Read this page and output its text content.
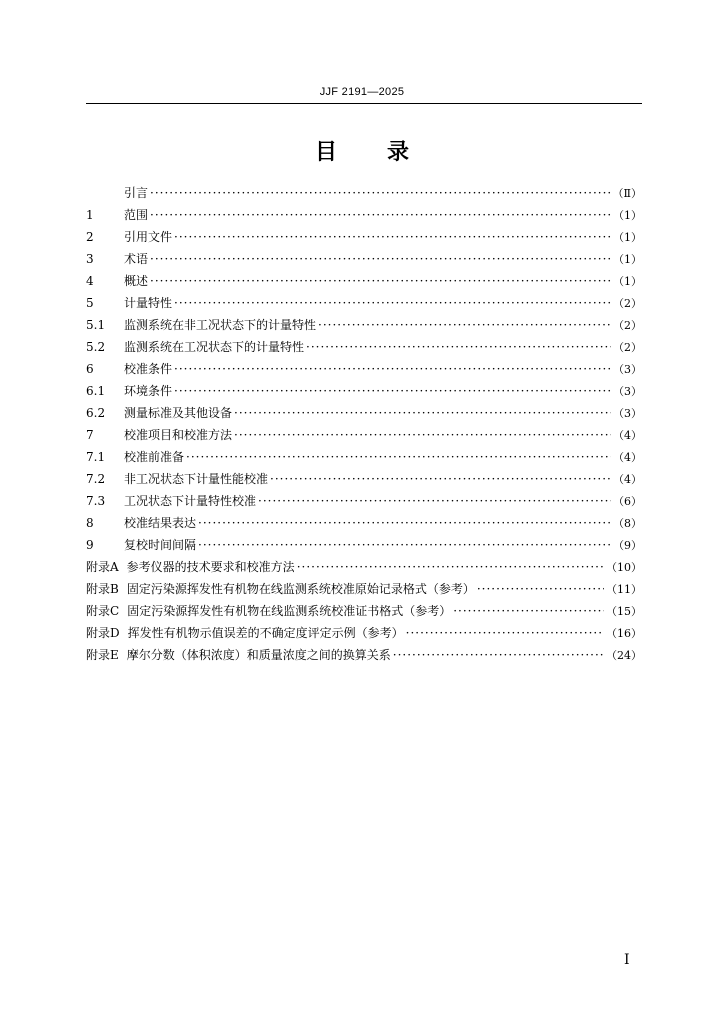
JJF 2191—2025
目 录
引言 ·····	（Ⅱ）
1	范围 ·····	（1）
2	引用文件 ·····	（1）
3	术语 ·····	（1）
4	概述 ·····	（1）
5	计量特性 ·····	（2）
5.1 监测系统在非工况状态下的计量特性 ·····	（2）
5.2 监测系统在工况状态下的计量特性 ·····	（2）
6	校准条件 ·····	（3）
6.1 环境条件 ·····	（3）
6.2 测量标准及其他设备 ·····	（3）
7	校准项目和校准方法 ·····	（4）
7.1 校准前准备 ·····	（4）
7.2 非工况状态下计量性能校准 ·····	（4）
7.3 工况状态下计量特性校准 ·····	（6）
8	校准结果表达 ·····	（8）
9	复校时间间隔 ·····	（9）
附录A 参考仪器的技术要求和校准方法 ·····	（10）
附录B 固定污染源挥发性有机物在线监测系统校准原始记录格式（参考） ·····	（11）
附录C 固定污染源挥发性有机物在线监测系统校准证书格式（参考） ·····	（15）
附录D 挥发性有机物示值误差的不确定度评定示例（参考） ·····	（16）
附录E 摩尔分数（体积浓度）和质量浓度之间的换算关系 ·····	（24）
Ⅰ
